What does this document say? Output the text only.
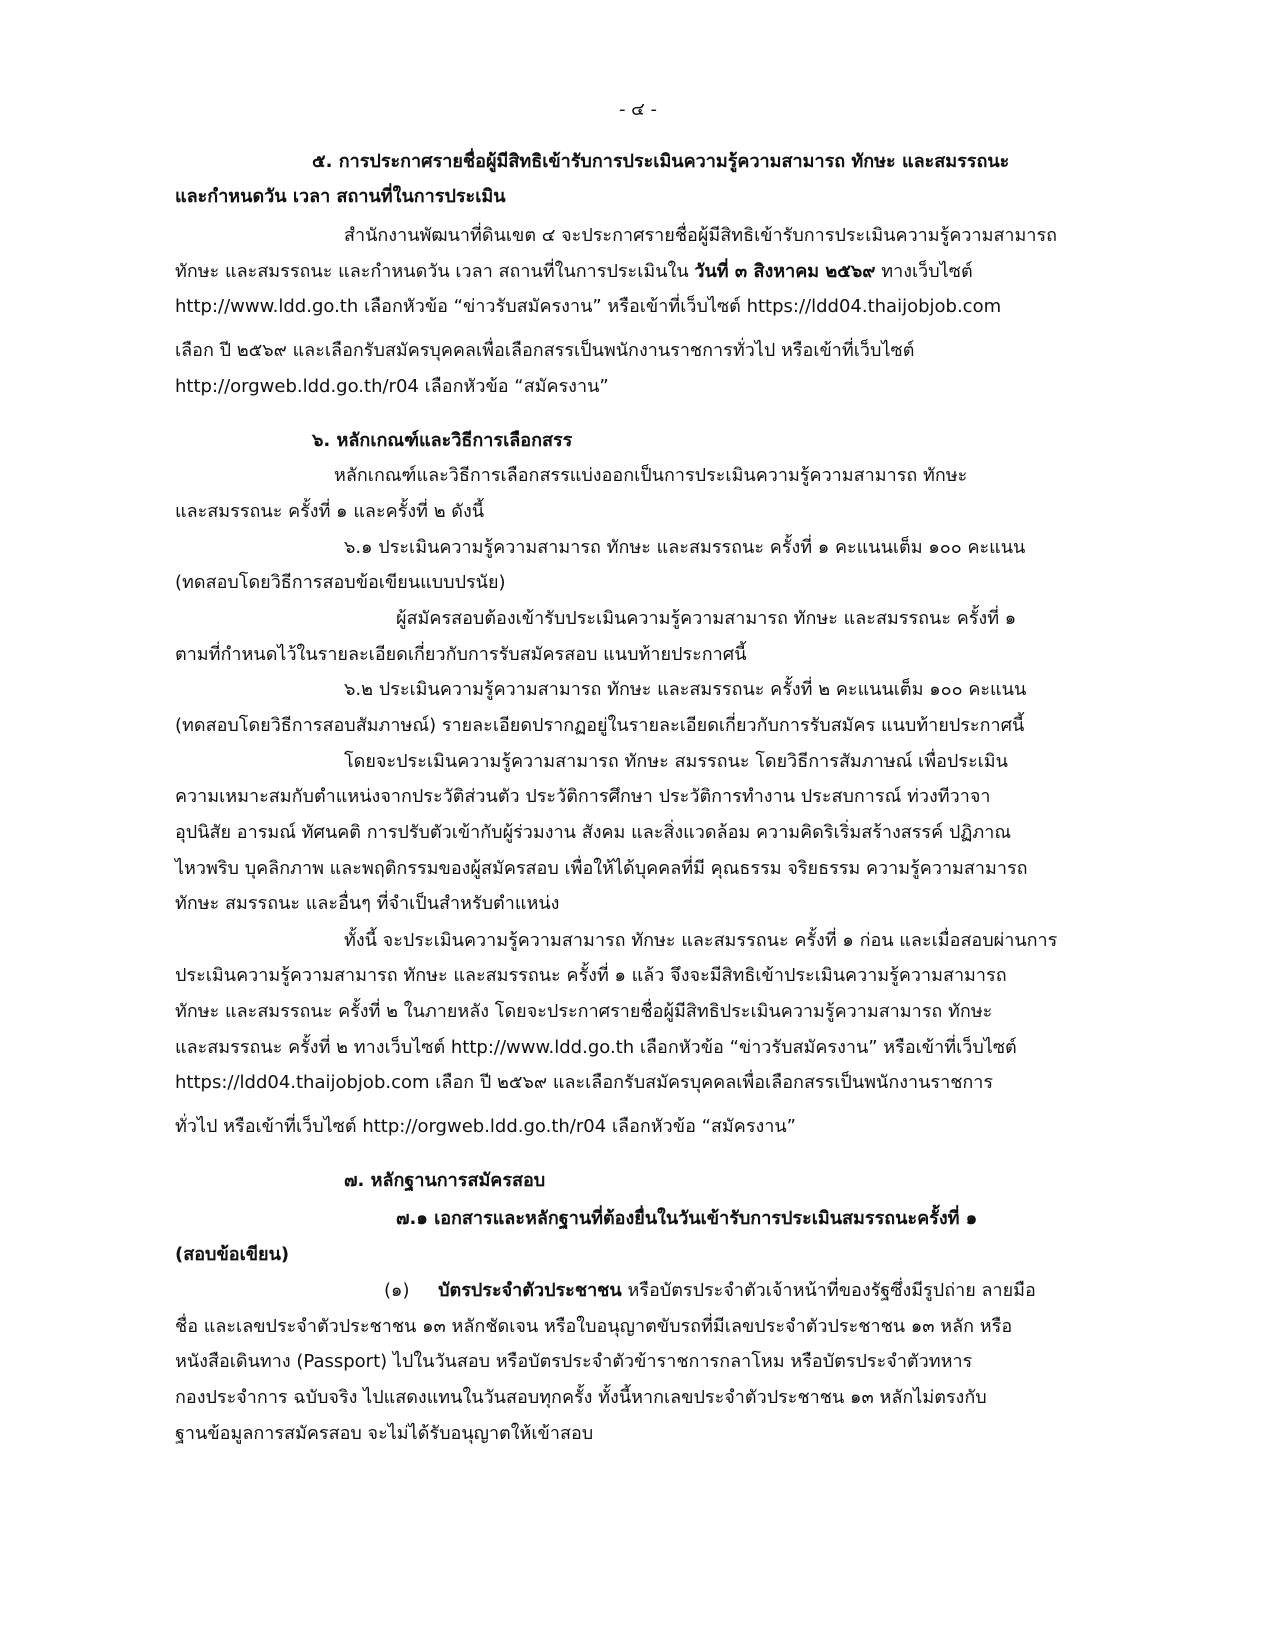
- ๔ -
๕. การประกาศรายชื่อผู้มีสิทธิเข้ารับการประเมินความรู้ความสามารถ ทักษะ และสมรรถนะ
และกำหนดวัน เวลา สถานที่ในการประเมิน
สำนักงานพัฒนาที่ดินเขต ๔ จะประกาศรายชื่อผู้มีสิทธิเข้ารับการประเมินความรู้ความสามารถ
ทักษะ และสมรรถนะ และกำหนดวัน เวลา สถานที่ในการประเมินใน วันที่ ๓ สิงหาคม ๒๕๖๙ ทางเว็บไซต์
http://www.ldd.go.th เลือกหัวข้อ “ข่าวรับสมัครงาน” หรือเข้าที่เว็บไซต์ https://ldd04.thaijobjob.com
เลือก ปี ๒๕๖๙ และเลือกรับสมัครบุคคลเพื่อเลือกสรรเป็นพนักงานราชการทั่วไป หรือเข้าที่เว็บไซต์
http://orgweb.ldd.go.th/r04 เลือกหัวข้อ “สมัครงาน”
๖. หลักเกณฑ์และวิธีการเลือกสรร
หลักเกณฑ์และวิธีการเลือกสรรแบ่งออกเป็นการประเมินความรู้ความสามารถ ทักษะ
และสมรรถนะ ครั้งที่ ๑ และครั้งที่ ๒ ดังนี้
๖.๑ ประเมินความรู้ความสามารถ ทักษะ และสมรรถนะ ครั้งที่ ๑ คะแนนเต็ม ๑๐๐ คะแนน
(ทดสอบโดยวิธีการสอบข้อเขียนแบบปรนัย)
ผู้สมัครสอบต้องเข้ารับประเมินความรู้ความสามารถ ทักษะ และสมรรถนะ ครั้งที่ ๑
ตามที่กำหนดไว้ในรายละเอียดเกี่ยวกับการรับสมัครสอบ แนบท้ายประกาศนี้
๖.๒ ประเมินความรู้ความสามารถ ทักษะ และสมรรถนะ ครั้งที่ ๒ คะแนนเต็ม ๑๐๐ คะแนน
(ทดสอบโดยวิธีการสอบสัมภาษณ์) รายละเอียดปรากฏอยู่ในรายละเอียดเกี่ยวกับการรับสมัคร แนบท้ายประกาศนี้
โดยจะประเมินความรู้ความสามารถ ทักษะ สมรรถนะ โดยวิธีการสัมภาษณ์ เพื่อประเมิน
ความเหมาะสมกับตำแหน่งจากประวัติส่วนตัว ประวัติการศึกษา ประวัติการทำงาน ประสบการณ์ ท่วงทีวาจา
อุปนิสัย อารมณ์ ทัศนคติ การปรับตัวเข้ากับผู้ร่วมงาน สังคม และสิ่งแวดล้อม ความคิดริเริ่มสร้างสรรค์ ปฏิภาณ
ไหวพริบ บุคลิกภาพ และพฤติกรรมของผู้สมัครสอบ เพื่อให้ได้บุคคลที่มี คุณธรรม จริยธรรม ความรู้ความสามารถ
ทักษะ สมรรถนะ และอื่นๆ ที่จำเป็นสำหรับตำแหน่ง
ทั้งนี้ จะประเมินความรู้ความสามารถ ทักษะ และสมรรถนะ ครั้งที่ ๑ ก่อน และเมื่อสอบผ่านการ
ประเมินความรู้ความสามารถ ทักษะ และสมรรถนะ ครั้งที่ ๑ แล้ว จึงจะมีสิทธิเข้าประเมินความรู้ความสามารถ
ทักษะ และสมรรถนะ ครั้งที่ ๒ ในภายหลัง โดยจะประกาศรายชื่อผู้มีสิทธิประเมินความรู้ความสามารถ ทักษะ
และสมรรถนะ ครั้งที่ ๒ ทางเว็บไซต์ http://www.ldd.go.th เลือกหัวข้อ “ข่าวรับสมัครงาน” หรือเข้าที่เว็บไซต์
https://ldd04.thaijobjob.com เลือก ปี ๒๕๖๙ และเลือกรับสมัครบุคคลเพื่อเลือกสรรเป็นพนักงานราชการ
ทั่วไป หรือเข้าที่เว็บไซต์ http://orgweb.ldd.go.th/r04 เลือกหัวข้อ “สมัครงาน”
๗. หลักฐานการสมัครสอบ
๗.๑ เอกสารและหลักฐานที่ต้องยื่นในวันเข้ารับการประเมินสมรรถนะครั้งที่ ๑
(สอบข้อเขียน)
(๑) บัตรประจำตัวประชาชน หรือบัตรประจำตัวเจ้าหน้าที่ของรัฐซึ่งมีรูปถ่าย ลายมือ
ชื่อ และเลขประจำตัวประชาชน ๑๓ หลักชัดเจน หรือใบอนุญาตขับรถที่มีเลขประจำตัวประชาชน ๑๓ หลัก หรือ
หนังสือเดินทาง (Passport) ไปในวันสอบ หรือบัตรประจำตัวข้าราชการกลาโหม หรือบัตรประจำตัวทหาร
กองประจำการ ฉบับจริง ไปแสดงแทนในวันสอบทุกครั้ง ทั้งนี้หากเลขประจำตัวประชาชน ๑๓ หลักไม่ตรงกับ
ฐานข้อมูลการสมัครสอบ จะไม่ได้รับอนุญาตให้เข้าสอบ
